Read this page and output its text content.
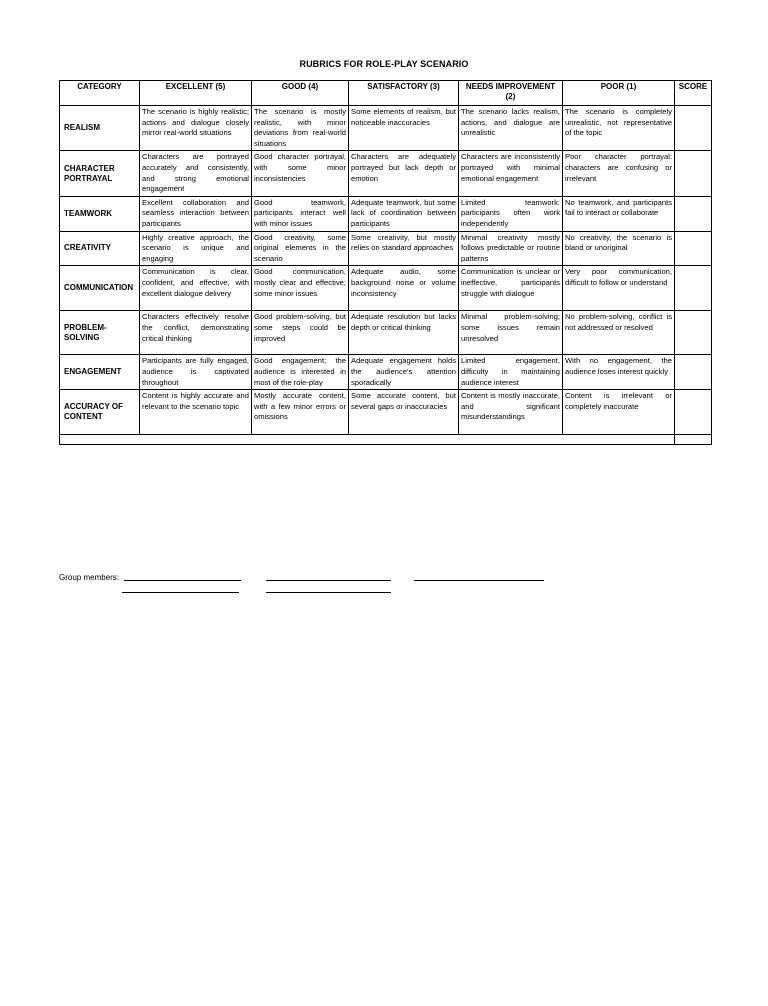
RUBRICS FOR ROLE-PLAY SCENARIO
CATEGORY	EXCELLENT (5)	GOOD (4)	SATISFACTORY (3)	NEEDS IMPROVEMENT (2)	POOR (1)	SCORE
REALISM	The scenario is highly realistic; actions and dialogue closely mirror real-world situations	The scenario is mostly realistic, with minor deviations from real-world situations	Some elements of realism, but noticeable inaccuracies	The scenario lacks realism, actions, and dialogue are unrealistic	The scenario is completely unrealistic, not representative of the topic	
CHARACTER PORTRAYAL	Characters are portrayed accurately and consistently, and strong emotional engagement	Good character portrayal, with some minor inconsistencies	Characters are adequately portrayed but lack depth or emotion	Characters are inconsistently portrayed with minimal emotional engagement	Poor character portrayal: characters are confusing or irrelevant	
TEAMWORK	Excellent collaboration and seamless interaction between participants	Good teamwork, participants interact well with minor issues	Adequate teamwork, but some lack of coordination between participants	Limited teamwork: participants often work independently	No teamwork, and participants fail to interact or collaborate	
CREATIVITY	Highly creative approach, the scenario is unique and engaging	Good creativity, some original elements in the scenario	Some creativity, but mostly relies on standard approaches	Minimal creativity mostly follows predictable or routine patterns	No creativity, the scenario is bland or unoriginal	
COMMUNICATION	Communication is clear, confident, and effective, with excellent dialogue delivery	Good communication, mostly clear and effective; some minor issues	Adequate audio, some background noise or volume inconsistency	Communication is unclear or ineffective, participants struggle with dialogue	Very poor communication, difficult to follow or understand	
PROBLEM-SOLVING	Characters effectively resolve the conflict, demonstrating critical thinking	Good problem-solving, but some steps could be improved	Adequate resolution but lacks depth or critical thinking	Minimal problem-solving; some issues remain unresolved	No problem-solving, conflict is not addressed or resolved	
ENGAGEMENT	Participants are fully engaged, audience is captivated throughout	Good engagement; the audience is interested in most of the role-play	Adequate engagement holds the audience's attention sporadically	Limited engagement, difficulty in maintaining audience interest	With no engagement, the audience loses interest quickly	
ACCURACY OF CONTENT	Content is highly accurate and relevant to the scenario topic	Mostly accurate content, with a few minor errors or omissions	Some accurate content, but several gaps or inaccuracies	Content is mostly inaccurate, and significant misunderstandings	Content is irrelevant or completely inaccurate	

Group members:
